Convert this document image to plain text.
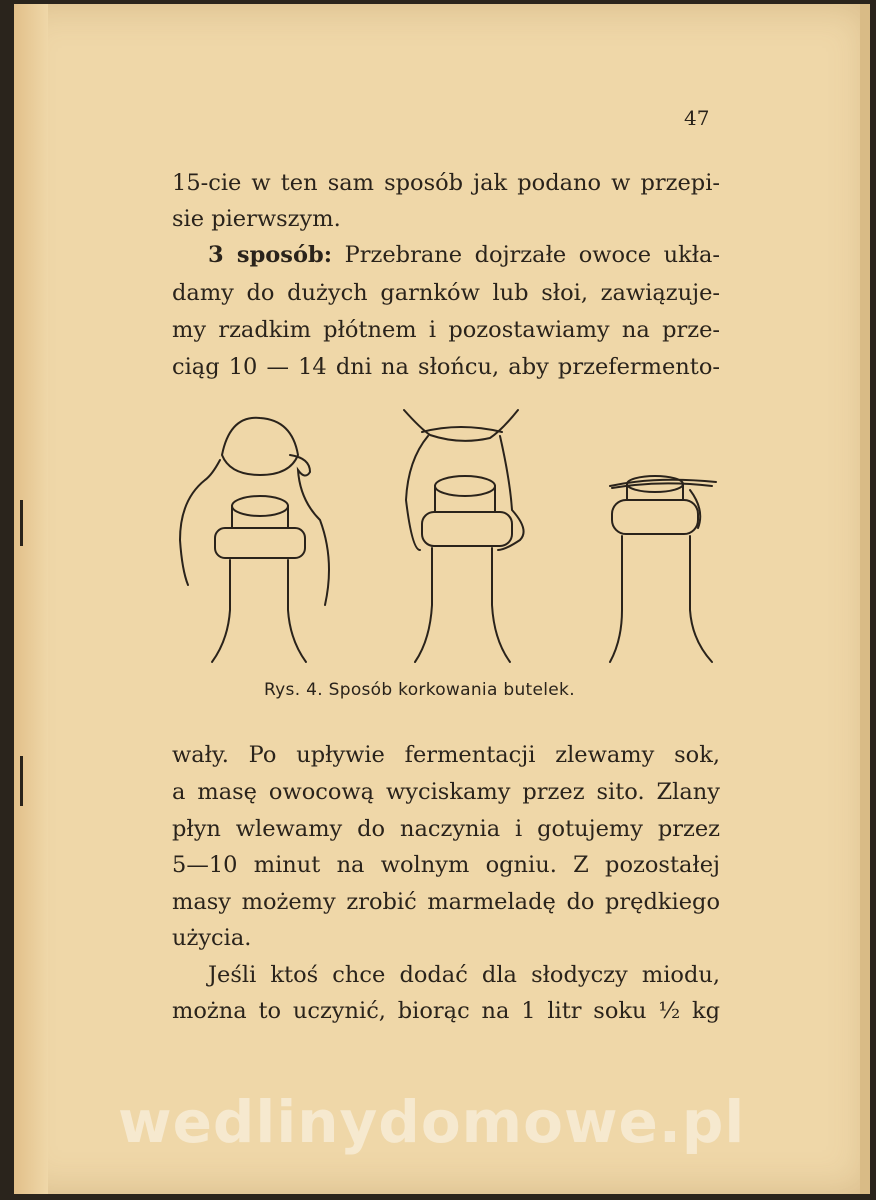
47
15-cie w ten sam sposób jak podano w przepi-
sie pierwszym.
3 sposób: Przebrane dojrzałe owoce ukła-
damy do dużych garnków lub słoi, zawiązuje-
my rzadkim płótnem i pozostawiamy na prze-
ciąg 10 — 14 dni na słońcu, aby przefermento-
Rys. 4. Sposób korkowania butelek.
wały. Po upływie fermentacji zlewamy sok,
a masę owocową wyciskamy przez sito. Zlany
płyn wlewamy do naczynia i gotujemy przez
5—10 minut na wolnym ogniu. Z pozostałej
masy możemy zrobić marmeladę do prędkiego
użycia.
Jeśli ktoś chce dodać dla słodyczy miodu,
można to uczynić, biorąc na 1 litr soku ½ kg
wedlinydomowe.pl
